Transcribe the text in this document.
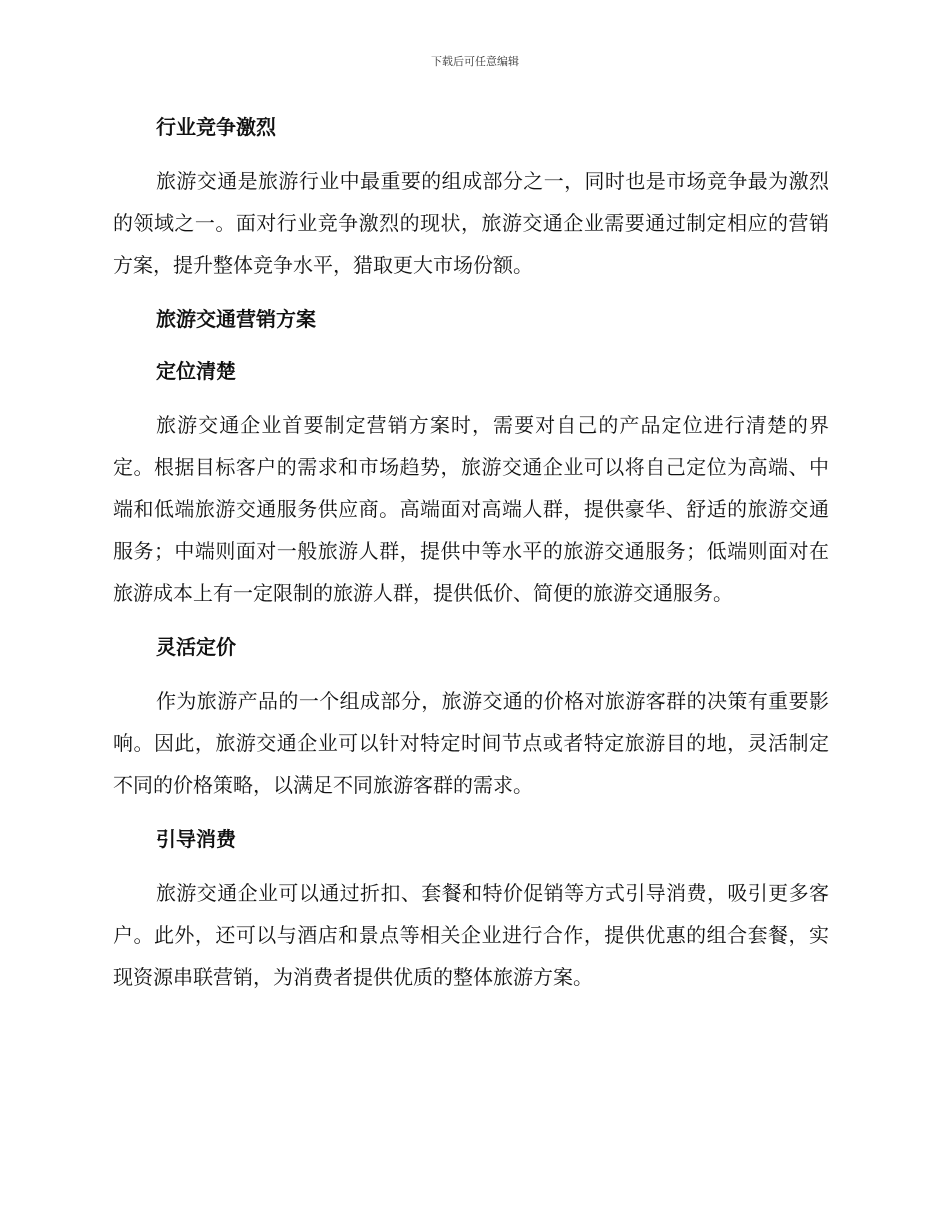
下载后可任意编辑
行业竞争激烈

旅游交通是旅游行业中最重要的组成部分之一，同时也是市场竞争最为激烈的领域之一。面对行业竞争激烈的现状，旅游交通企业需要通过制定相应的营销方案，提升整体竞争水平，猎取更大市场份额。

旅游交通营销方案
定位清楚

旅游交通企业首要制定营销方案时，需要对自己的产品定位进行清楚的界定。根据目标客户的需求和市场趋势，旅游交通企业可以将自己定位为高端、中端和低端旅游交通服务供应商。高端面对高端人群，提供豪华、舒适的旅游交通服务；中端则面对一般旅游人群，提供中等水平的旅游交通服务；低端则面对在旅游成本上有一定限制的旅游人群，提供低价、简便的旅游交通服务。

灵活定价

作为旅游产品的一个组成部分，旅游交通的价格对旅游客群的决策有重要影响。因此，旅游交通企业可以针对特定时间节点或者特定旅游目的地，灵活制定不同的价格策略，以满足不同旅游客群的需求。

引导消费

旅游交通企业可以通过折扣、套餐和特价促销等方式引导消费，吸引更多客户。此外，还可以与酒店和景点等相关企业进行合作，提供优惠的组合套餐，实现资源串联营销，为消费者提供优质的整体旅游方案。
